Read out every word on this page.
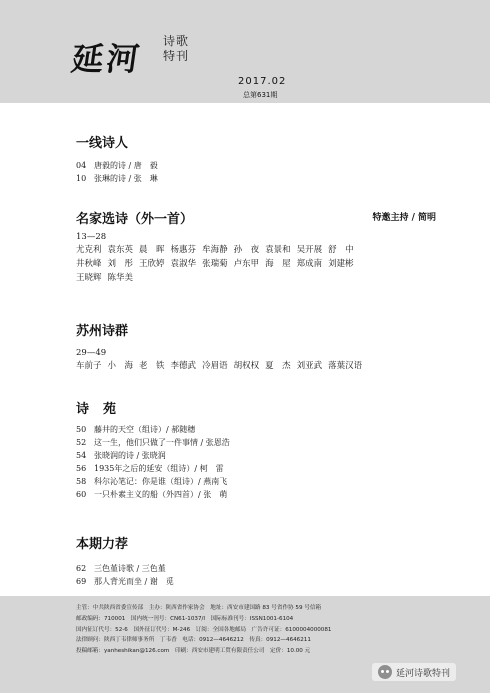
延河 诗歌
特刊
2017.02
总第631期
一线诗人
04 唐毅的诗 / 唐　毅
10 张琳的诗 / 张　琳
名家选诗（外一首）	特邀主持 / 简明
13—28
尤克利 袁东英 晨　晖 杨惠芬 牟海静 孙　夜 袁景和 吴开展 舒　中
井秋峰 刘　彤 王欣婷 袁淑华 张瑞菊 卢东甲 海　屋 郑成南 刘建彬
王晓辉 陈华美
苏州诗群
29—49
车前子 小　海 老　铁 李德武 冷眉语 胡权权 夏　杰 刘亚武 落葉汉语
诗苑
50 藤井的天空（组诗）/ 郝随穗
52 这一生，他们只做了一件事情 / 张恩浩
54 张晓润的诗 / 张晓润
56 1935年之后的延安（组诗）/ 柯　雷
58 科尔沁笔记：你是谁（组诗）/ 燕南飞
60 一只朴素主义的船（外四首）/ 张　萌
本期力荐
62 三色堇诗歌 / 三色堇
69 那人背光而坐 / 谢　觅
主管：中共陕西省委宣传部　主办：陕西省作家协会　地址：西安市建国路 83 号省作协 59 号信箱
邮政编码：710001　国内统一刊号：CN61-1037/I　国际标准刊号：ISSN1001-6104
国内征订代号：52-6　国外征订代号：M-246　订阅：全国各地邮局　广告许可证：6100004000081
法律顾问：陕西丁韦律师事务所　丁韦香　电话：0912—4646212　传真：0912—4646211
投稿邮箱：yanheshikan@126.com　印刷：西安市建明工贸有限责任公司　定价：10.00 元
延河诗歌特刊
